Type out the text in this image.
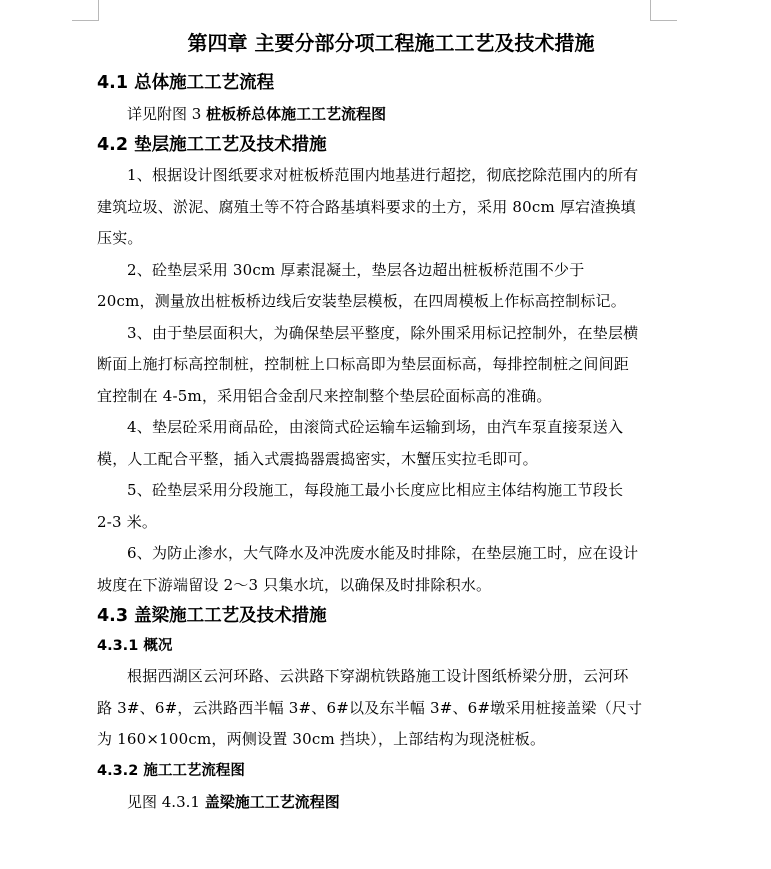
第四章 主要分部分项工程施工工艺及技术措施
4.1 总体施工工艺流程
详见附图 3 桩板桥总体施工工艺流程图
4.2 垫层施工工艺及技术措施

1、根据设计图纸要求对桩板桥范围内地基进行超挖，彻底挖除范围内的所有建筑垃圾、淤泥、腐殖土等不符合路基填料要求的土方，采用 80cm 厚宕渣换填压实。

2、砼垫层采用 30cm 厚素混凝土，垫层各边超出桩板桥范围不少于 20cm，测量放出桩板桥边线后安装垫层模板，在四周模板上作标高控制标记。

3、由于垫层面积大，为确保垫层平整度，除外围采用标记控制外，在垫层横断面上施打标高控制桩，控制桩上口标高即为垫层面标高，每排控制桩之间间距宜控制在 4-5m，采用铝合金刮尺来控制整个垫层砼面标高的准确。

4、垫层砼采用商品砼，由滚筒式砼运输车运输到场，由汽车泵直接泵送入模，人工配合平整，插入式震捣器震捣密实，木蟹压实拉毛即可。

5、砼垫层采用分段施工，每段施工最小长度应比相应主体结构施工节段长 2-3 米。

6、为防止渗水，大气降水及冲洗废水能及时排除，在垫层施工时，应在设计坡度在下游端留设 2～3 只集水坑，以确保及时排除积水。

4.3 盖梁施工工艺及技术措施
4.3.1 概况

根据西湖区云河环路、云洪路下穿湖杭铁路施工设计图纸桥梁分册，云河环路 3#、6#，云洪路西半幅 3#、6#以及东半幅 3#、6#墩采用桩接盖梁（尺寸为 160×100cm，两侧设置 30cm 挡块），上部结构为现浇桩板。

4.3.2 施工工艺流程图
见图 4.3.1 盖梁施工工艺流程图
